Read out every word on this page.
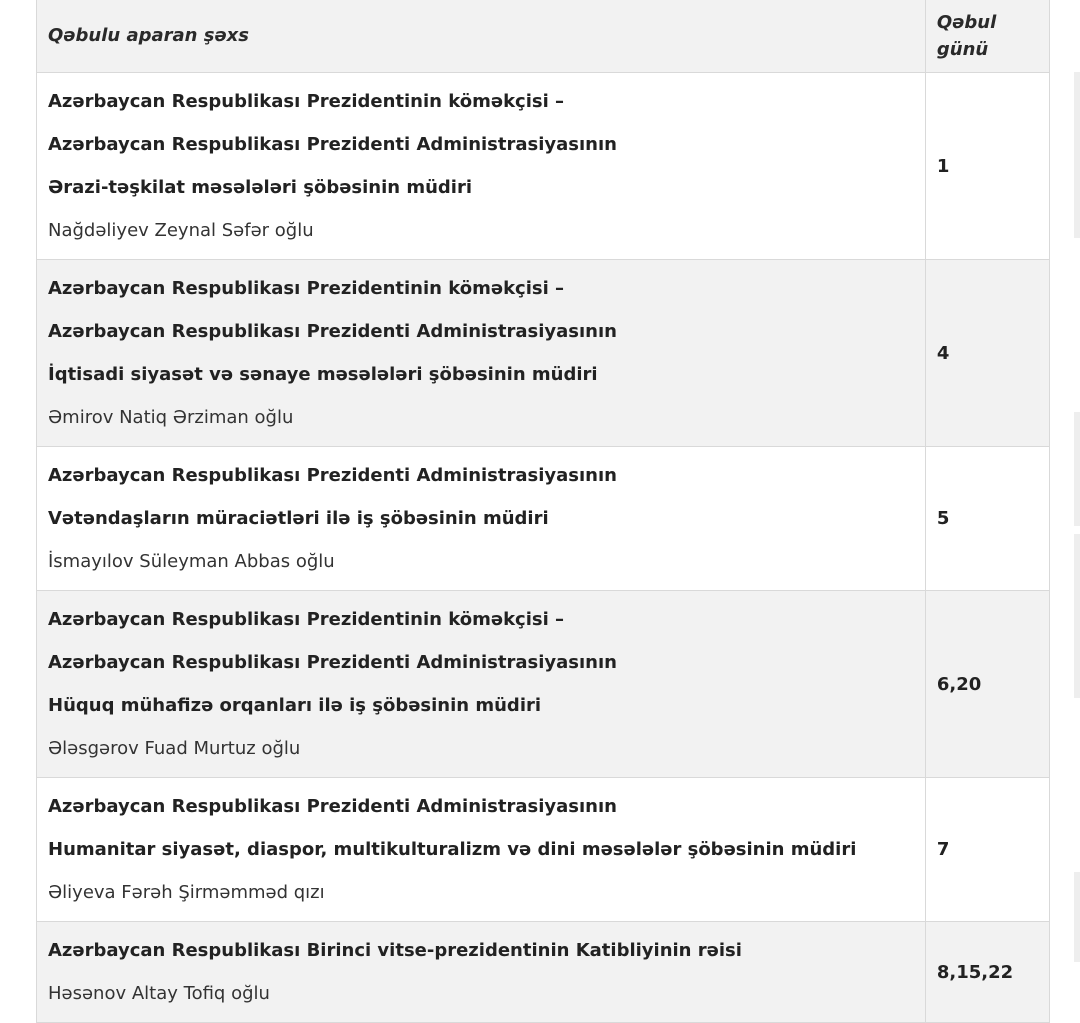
Qəbulu aparan şəxs	Qəbul
günü

Azərbaycan Respublikası Prezidentinin köməkçisi –
Azərbaycan Respublikası Prezidenti Administrasiyasının
Ərazi-təşkilat məsələləri şöbəsinin müdiri
Nağdəliyev Zeynal Səfər oğlu	1

Azərbaycan Respublikası Prezidentinin köməkçisi –
Azərbaycan Respublikası Prezidenti Administrasiyasının
İqtisadi siyasət və sənaye məsələləri şöbəsinin müdiri
Əmirov Natiq Ərziman oğlu	4

Azərbaycan Respublikası Prezidenti Administrasiyasının
Vətəndaşların müraciətləri ilə iş şöbəsinin müdiri
İsmayılov Süleyman Abbas oğlu	5

Azərbaycan Respublikası Prezidentinin köməkçisi –
Azərbaycan Respublikası Prezidenti Administrasiyasının
Hüquq mühafizə orqanları ilə iş şöbəsinin müdiri
Ələsgərov Fuad Murtuz oğlu	6,20

Azərbaycan Respublikası Prezidenti Administrasiyasının
Humanitar siyasət, diaspor, multikulturalizm və dini məsələlər şöbəsinin müdiri
Əliyeva Fərəh Şirməmməd qızı	7

Azərbaycan Respublikası Birinci vitse-prezidentinin Katibliyinin rəisi
Həsənov Altay Tofiq oğlu	8,15,22
